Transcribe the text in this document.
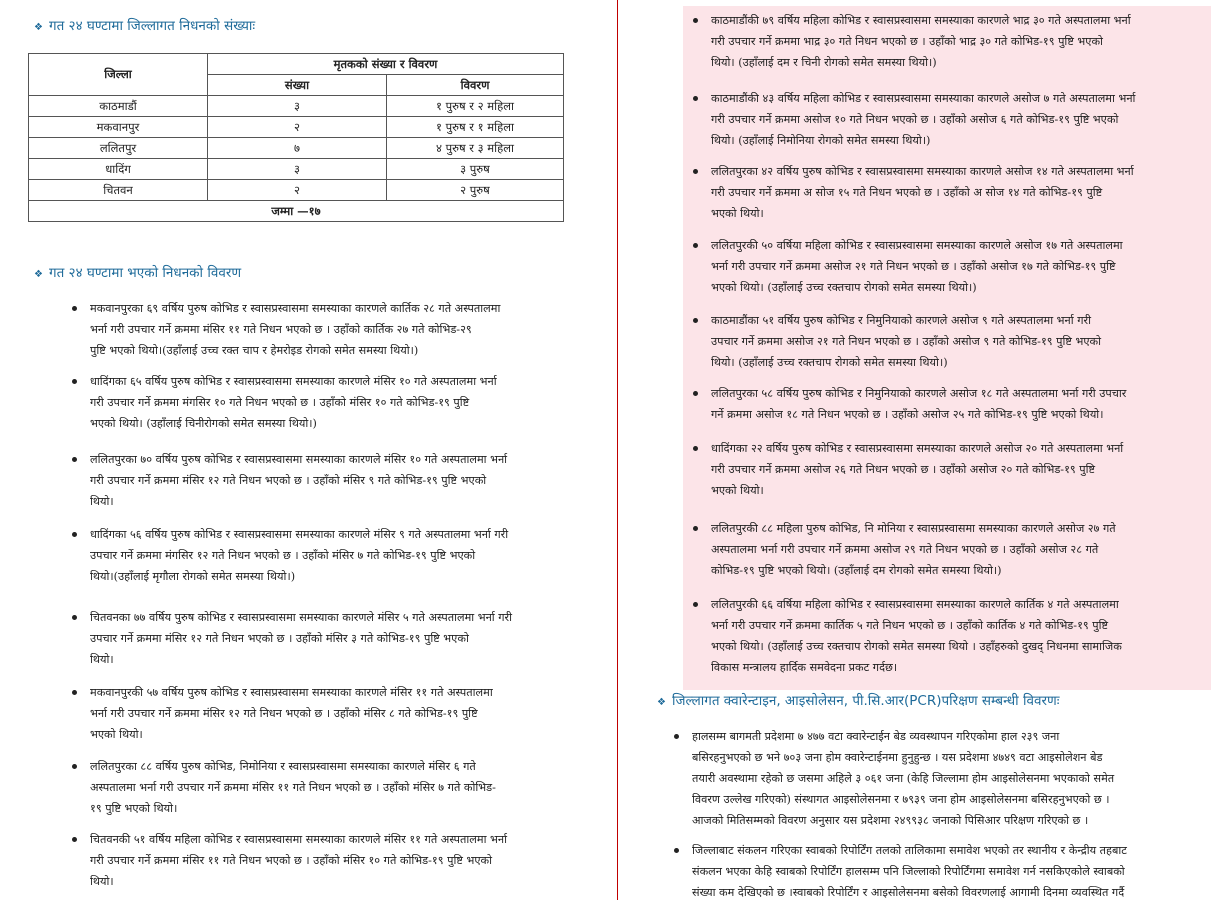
❖ गत २४ घण्टामा जिल्लागत निधनको संख्याः
जिल्ला	मृतकको संख्या र विवरण	
	संख्या	विवरण
काठमाडौं	३	१ पुरुष र २ महिला
मकवानपुर	२	१ पुरुष र १ महिला
ललितपुर	७	४ पुरुष र ३ महिला
धादिंग	३	३ पुरुष
चितवन	२	२ पुरुष
जम्मा —१७		
❖ गत २४ घण्टामा भएको निधनको विवरण
मकवानपुरका ६९ वर्षिय पुरुष कोभिड र स्वासप्रस्वासमा समस्याका कारणले कार्तिक २८ गते अस्पतालमा
भर्ना गरी उपचार गर्ने क्रममा मंसिर ११ गते निधन भएको छ । उहाँको कार्तिक २७ गते कोभिड-२९
पुष्टि भएको थियो।(उहाँलाई उच्च रक्त चाप र हेमरोइड रोगको समेत समस्या थियो।)
धादिंगका ६५ वर्षिय पुरुष कोभिड र स्वासप्रस्वासमा समस्याका कारणले मंसिर १० गते अस्पतालमा भर्ना
गरी उपचार गर्ने क्रममा मंगसिर १० गते निधन भएको छ । उहाँको मंसिर १० गते कोभिड-१९ पुष्टि
भएको थियो। (उहाँलाई चिनीरोगको समेत समस्या थियो।)
ललितपुरका ७० वर्षिय पुरुष कोभिड र स्वासप्रस्वासमा समस्याका कारणले मंसिर १० गते अस्पतालमा भर्ना
गरी उपचार गर्ने क्रममा मंसिर १२ गते निधन भएको छ । उहाँको मंसिर ९ गते कोभिड-१९ पुष्टि भएको
थियो।
धादिंगका ५६ वर्षिय पुरुष कोभिड र स्वासप्रस्वासमा समस्याका कारणले मंसिर ९ गते अस्पतालमा भर्ना गरी
उपचार गर्ने क्रममा मंगसिर १२ गते निधन भएको छ । उहाँको मंसिर ७ गते कोभिड-१९ पुष्टि भएको
थियो।(उहाँलाई मृगौला रोगको समेत समस्या थियो।)
चितवनका ७७ वर्षिय पुरुष कोभिड र स्वासप्रस्वासमा समस्याका कारणले मंसिर ५ गते अस्पतालमा भर्ना गरी
उपचार गर्ने क्रममा मंसिर १२ गते निधन भएको छ । उहाँको मंसिर ३ गते कोभिड-१९ पुष्टि भएको
थियो।
मकवानपुरकी ५७ वर्षिय पुरुष कोभिड र स्वासप्रस्वासमा समस्याका कारणले मंसिर ११ गते अस्पतालमा
भर्ना गरी उपचार गर्ने क्रममा मंसिर १२ गते निधन भएको छ । उहाँको मंसिर ८ गते कोभिड-१९ पुष्टि
भएको थियो।
ललितपुरका ८८ वर्षिय पुरुष कोभिड, निमोनिया र स्वासप्रस्वासमा समस्याका कारणले मंसिर ६ गते
अस्पतालमा भर्ना गरी उपचार गर्ने क्रममा मंसिर ११ गते निधन भएको छ । उहाँको मंसिर ७ गते कोभिड-
१९ पुष्टि भएको थियो।
चितवनकी ५१ वर्षिय महिला कोभिड र स्वासप्रस्वासमा समस्याका कारणले मंसिर ११ गते अस्पतालमा भर्ना
गरी उपचार गर्ने क्रममा मंसिर ११ गते निधन भएको छ । उहाँको मंसिर १० गते कोभिड-१९ पुष्टि भएको
थियो।
काठमाडौंकी ७९ वर्षिय महिला कोभिड र स्वासप्रस्वासमा समस्याका कारणले भाद्र ३० गते अस्पतालमा भर्ना
गरी उपचार गर्ने क्रममा भाद्र ३० गते निधन भएको छ । उहाँको भाद्र ३० गते कोभिड-१९ पुष्टि भएको
थियो। (उहाँलाई दम र चिनी रोगको समेत समस्या थियो।)
काठमाडौंकी ४३ वर्षिय महिला कोभिड र स्वासप्रस्वासमा समस्याका कारणले असोज ७ गते अस्पतालमा भर्ना
गरी उपचार गर्ने क्रममा असोज १० गते निधन भएको छ । उहाँको असोज ६ गते कोभिड-१९ पुष्टि भएको
थियो। (उहाँलाई निमोनिया रोगको समेत समस्या थियो।)
ललितपुरका ४२ वर्षिय पुरुष कोभिड र स्वासप्रस्वासमा समस्याका कारणले असोज १४ गते अस्पतालमा भर्ना
गरी उपचार गर्ने क्रममा अ सोज १५ गते निधन भएको छ । उहाँको अ सोज १४ गते कोभिड-१९ पुष्टि
भएको थियो।
ललितपुरकी ५० वर्षिया महिला कोभिड र स्वासप्रस्वासमा समस्याका कारणले असोज १७ गते अस्पतालमा
भर्ना गरी उपचार गर्ने क्रममा असोज २१ गते निधन भएको छ । उहाँको असोज १७ गते कोभिड-१९ पुष्टि
भएको थियो। (उहाँलाई उच्च रक्तचाप रोगको समेत समस्या थियो।)
काठमाडौंका ५१ वर्षिय पुरुष कोभिड र निमुनियाको कारणले असोज ९ गते अस्पतालमा भर्ना गरी
उपचार गर्ने क्रममा असोज २१ गते निधन भएको छ । उहाँको असोज ९ गते कोभिड-१९ पुष्टि भएको
थियो। (उहाँलाई उच्च रक्तचाप रोगको समेत समस्या थियो।)
ललितपुरका ५८ वर्षिय पुरुष कोभिड र निमुनियाको कारणले असोज १८ गते अस्पतालमा भर्ना गरी उपचार
गर्ने क्रममा असोज १८ गते निधन भएको छ । उहाँको असोज २५ गते कोभिड-१९ पुष्टि भएको थियो।
धादिंगका २२ वर्षिय पुरुष कोभिड र स्वासप्रस्वासमा समस्याका कारणले असोज २० गते अस्पतालमा भर्ना
गरी उपचार गर्ने क्रममा असोज २६ गते निधन भएको छ । उहाँको असोज २० गते कोभिड-१९ पुष्टि
भएको थियो।
ललितपुरकी ८८ महिला पुरुष कोभिड, नि मोनिया र स्वासप्रस्वासमा समस्याका कारणले असोज २७ गते
अस्पतालमा भर्ना गरी उपचार गर्ने क्रममा असोज २९ गते निधन भएको छ । उहाँको असोज २८ गते
कोभिड-१९ पुष्टि भएको थियो। (उहाँलाई दम रोगको समेत समस्या थियो।)
ललितपुरकी ६६ वर्षिया महिला कोभिड र स्वासप्रस्वासमा समस्याका कारणले कार्तिक ४ गते अस्पतालमा
भर्ना गरी उपचार गर्ने क्रममा कार्तिक ५ गते निधन भएको छ । उहाँको कार्तिक ४ गते कोभिड-१९ पुष्टि
भएको थियो। (उहाँलाई उच्च रक्तचाप रोगको समेत समस्या थियो । उहाँहरुको दुखद् निधनमा सामाजिक
विकास मन्त्रालय हार्दिक समवेदना प्रकट गर्दछ।
❖ जिल्लागत क्वारेन्टाइन, आइसोलेसन, पी.सि.आर(PCR)परिक्षण सम्बन्धी विवरणः
हालसम्म बागमती प्रदेशमा ७ ४७७ वटा क्वारेन्टाईन बेड व्यवस्थापन गरिएकोमा हाल २३९ जना
बसिरहनुभएको छ भने ७०३ जना होम क्वारेन्टाईनमा हुनुहुन्छ । यस प्रदेशमा ४७४९ वटा आइसोलेशन बेड
तयारी अवस्थामा रहेको छ जसमा अहिले ३ ०६१ जना (केहि जिल्लामा होम आइसोलेसनमा भएकाको समेत
विवरण उल्लेख गरिएको) संस्थागत आइसोलेसनमा र ७९३९ जना होम आइसोलेसनमा बसिरहनुभएको छ ।
आजको मितिसम्मको विवरण अनुसार यस प्रदेशमा २४९९३८ जनाको पिसिआर परिक्षण गरिएको छ ।
जिल्लाबाट संकलन गरिएका स्वाबको रिपोर्टिंग तलको तालिकामा समावेश भएको तर स्थानीय र केन्द्रीय तहबाट
संकलन भएका केहि स्वाबको रिपोर्टिंग हालसम्म पनि जिल्लाको रिपोर्टिंगमा समावेश गर्न नसकिएकोले स्वाबको
संख्या कम देखिएको छ ।स्वाबको रिपोर्टिंग र आइसोलेसनमा बसेको विवरणलाई आगामी दिनमा व्यवस्थित गर्दै
